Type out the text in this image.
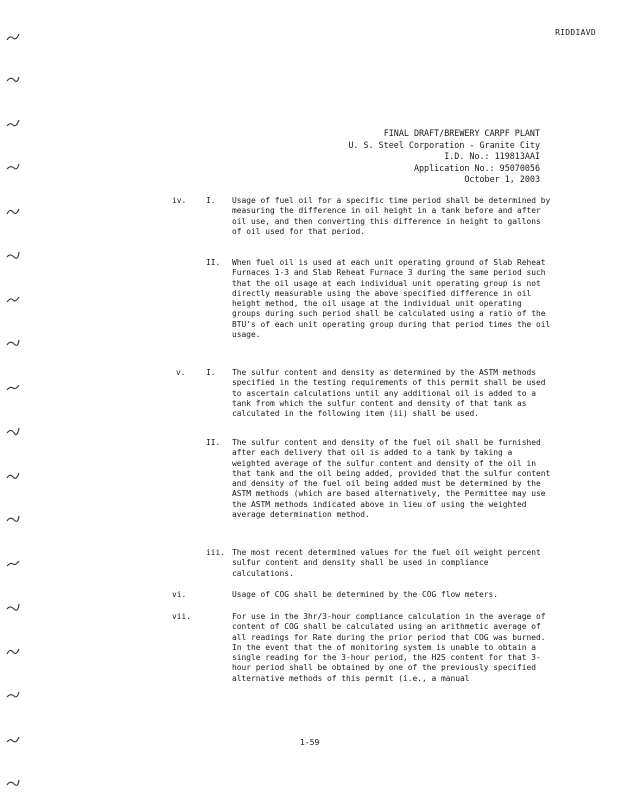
RIDDIAVD
FINAL DRAFT/BREWERY CARPF PLANT
U. S. Steel Corporation - Granite City
I.D. No.: 119813AAI
Application No.: 95070056
October 1, 2003
iv. I. Usage of fuel oil for a specific time period shall be determined by measuring the difference in oil height in a tank before and after oil use, and then converting this difference in height to gallons of oil used for that period.
II. When fuel oil is used at each unit operating ground of Slab Reheat Furnaces 1-3 and Slab Reheat Furnace 3 during the same period such that the oil usage at each individual unit operating group is not directly measurable using the above specified difference in oil height method, the oil usage at the individual unit operating groups during such period shall be calculated using a ratio of the BTU's of each unit operating group during that period times the oil usage.
v.	I. The sulfur content and density as determined by the ASTM methods specified in the testing requirements of this permit shall be used to ascertain calculations until any additional oil is added to a tank from which the sulfur content and density of that tank as calculated in the following item (ii) shall be used.
II. The sulfur content and density of the fuel oil shall be furnished after each delivery that oil is added to a tank by taking a weighted average of the sulfur content and density of the oil in that tank and the oil being added, provided that the sulfur content and density of the fuel oil being added must be determined by the ASTM methods (which are based alternatively, the Permittee may use the ASTM methods indicated above in lieu of using the weighted average determination method.
iii. The most recent determined values for the fuel oil weight percent sulfur content and density shall be used in compliance calculations.
vi.	Usage of COG shall be determined by the COG flow meters.
vii.	For use in the 3hr/3-hour compliance calculation in the average of content of COG shall be calculated using an arithmetic average of all readings for Rate during the prior period that COG was burned. In the event that the of monitoring system is unable to obtain a single reading for the 3-hour period, the H2S content for that 3-hour period shall be obtained by one of the previously specified alternative methods of this permit (i.e., a manual
1-59
